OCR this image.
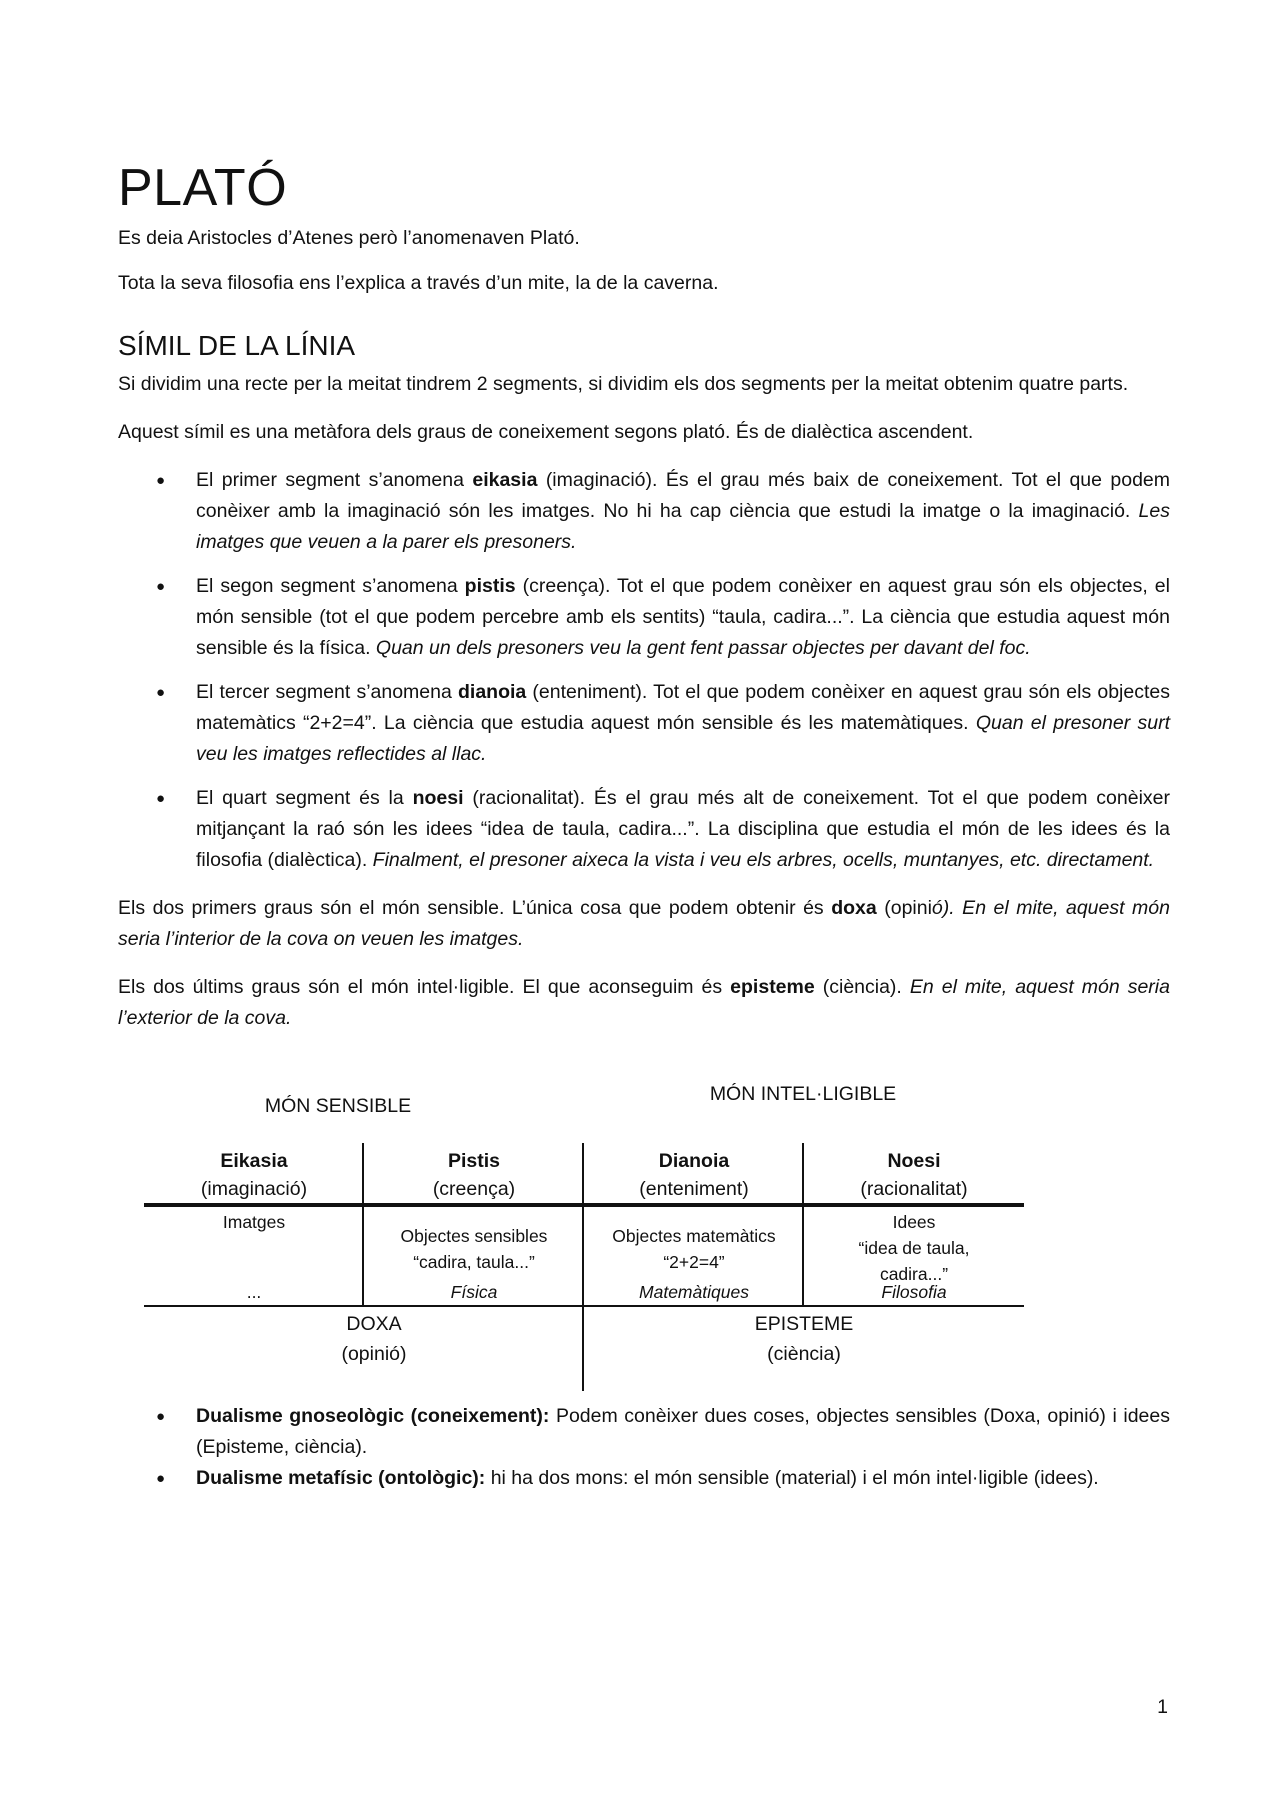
PLATÓ

Es deia Aristocles d’Atenes però l’anomenaven Plató.

Tota la seva filosofia ens l’explica a través d’un mite, la de la caverna.

SÍMIL DE LA LÍNIA

Si dividim una recte per la meitat tindrem 2 segments, si dividim els dos segments per la meitat obtenim quatre parts.

Aquest símil es una metàfora dels graus de coneixement segons plató. És de dialèctica ascendent.

● El primer segment s’anomena eikasia (imaginació). És el grau més baix de coneixement. Tot el que podem conèixer amb la imaginació són les imatges. No hi ha cap ciència que estudi la imatge o la imaginació. Les imatges que veuen a la parer els presoners.
● El segon segment s’anomena pistis (creença). Tot el que podem conèixer en aquest grau són els objectes, el món sensible (tot el que podem percebre amb els sentits) “taula, cadira...”. La ciència que estudia aquest món sensible és la física. Quan un dels presoners veu la gent fent passar objectes per davant del foc.
● El tercer segment s’anomena dianoia (enteniment). Tot el que podem conèixer en aquest grau són els objectes matemàtics “2+2=4”. La ciència que estudia aquest món sensible és les matemàtiques. Quan el presoner surt veu les imatges reflectides al llac.
● El quart segment és la noesi (racionalitat). És el grau més alt de coneixement. Tot el que podem conèixer mitjançant la raó són les idees “idea de taula, cadira...”. La disciplina que estudia el món de les idees és la filosofia (dialèctica). Finalment, el presoner aixeca la vista i veu els arbres, ocells, muntanyes, etc. directament.

Els dos primers graus són el món sensible. L’única cosa que podem obtenir és doxa (opinió). En el mite, aquest món seria l’interior de la cova on veuen les imatges.

Els dos últims graus són el món intel·ligible. El que aconseguim és episteme (ciència). En el mite, aquest món seria l’exterior de la cova.

MÓN SENSIBLE
MÓN INTEL·LIGIBLE
Eikasia
(imaginació)
Imatges
...
Pistis
(creença)
Objectes sensibles
“cadira, taula...”
Física
Dianoia
(enteniment)
Objectes matemàtics
“2+2=4”
Matemàtiques
Noesi
(racionalitat)
Idees
“idea de taula,
cadira...”
Filosofia
DOXA
(opinió)
EPISTEME
(ciència)
● Dualisme gnoseològic (coneixement): Podem conèixer dues coses, objectes sensibles (Doxa, opinió) i idees (Episteme, ciència).
● Dualisme metafísic (ontològic): hi ha dos mons: el món sensible (material) i el món intel·ligible (idees).
1
